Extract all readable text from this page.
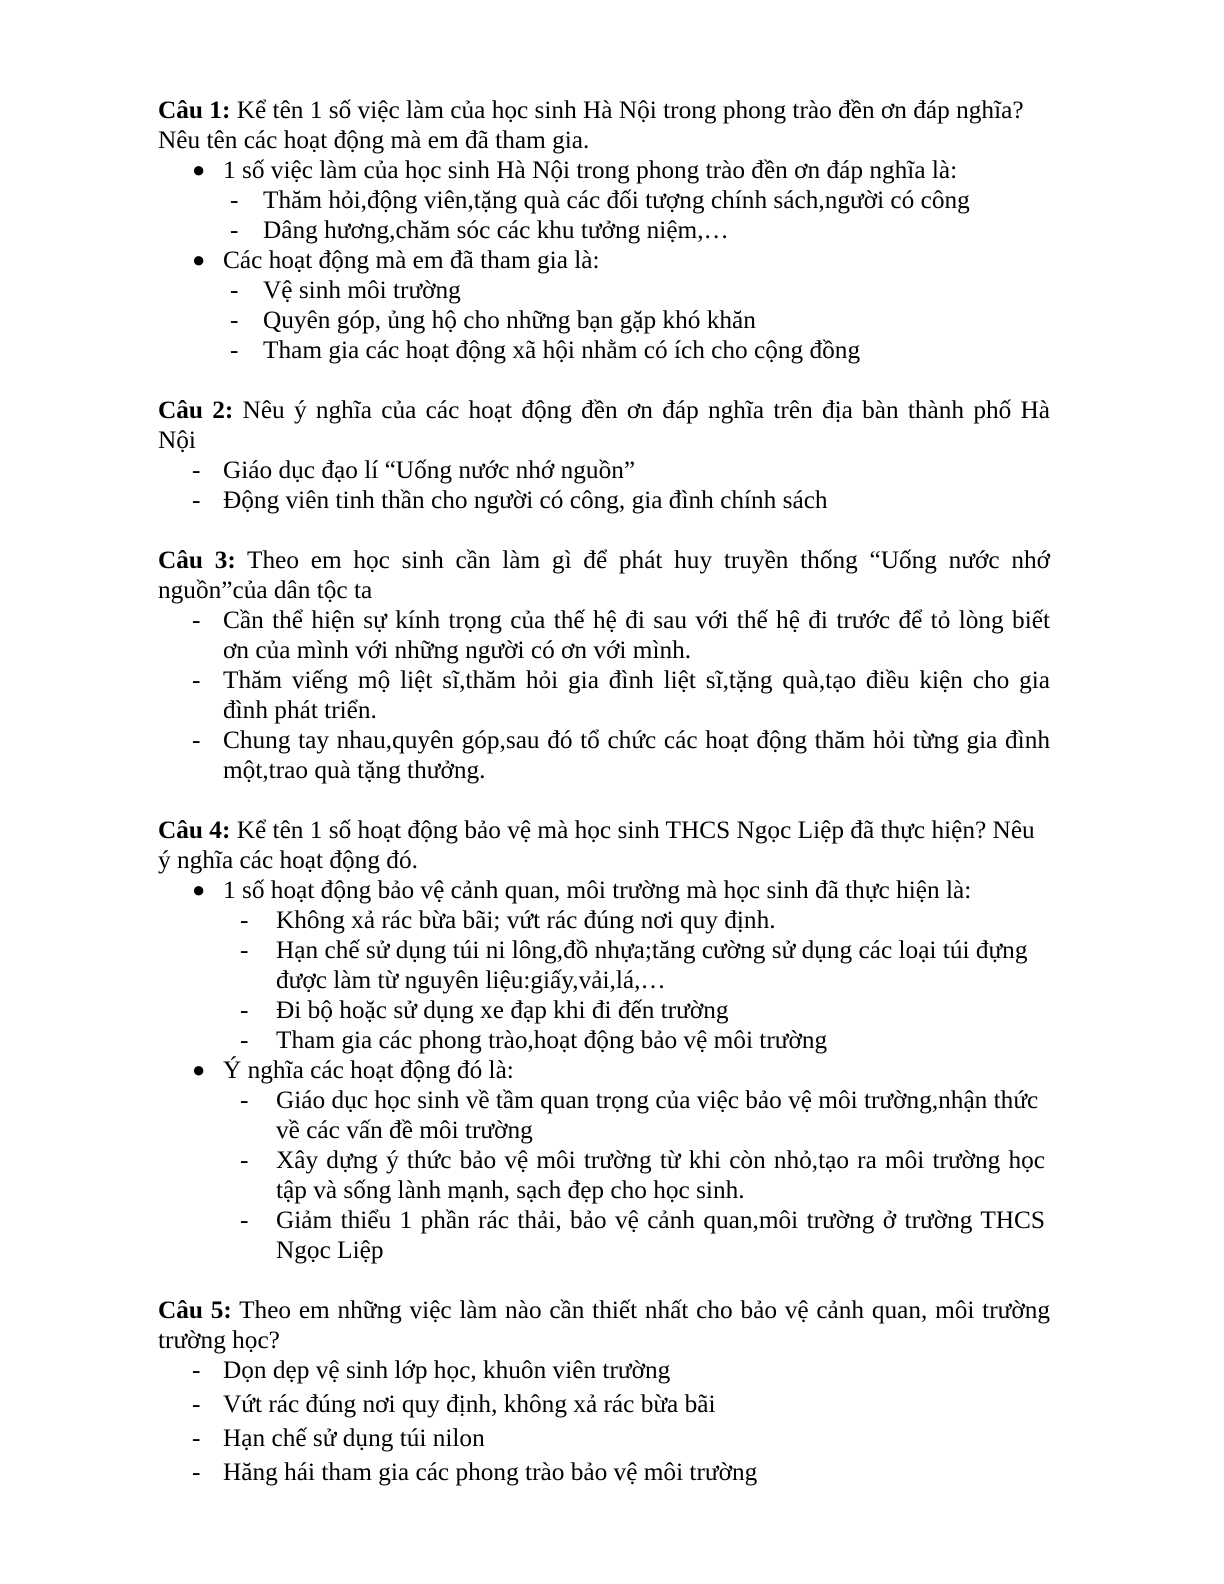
Câu 1: Kể tên 1 số việc làm của học sinh Hà Nội trong phong trào đền ơn đáp nghĩa?
Nêu tên các hoạt động mà em đã tham gia.
● 1 số việc làm của học sinh Hà Nội trong phong trào đền ơn đáp nghĩa là:
- Thăm hỏi,động viên,tặng quà các đối tượng chính sách,người có công
- Dâng hương,chăm sóc các khu tưởng niệm,…
● Các hoạt động mà em đã tham gia là:
- Vệ sinh môi trường
- Quyên góp, ủng hộ cho những bạn gặp khó khăn
- Tham gia các hoạt động xã hội nhằm có ích cho cộng đồng
Câu 2: Nêu ý nghĩa của các hoạt động đền ơn đáp nghĩa trên địa bàn thành phố Hà
Nội
- Giáo dục đạo lí “Uống nước nhớ nguồn”
- Động viên tinh thần cho người có công, gia đình chính sách
Câu 3: Theo em học sinh cần làm gì để phát huy truyền thống “Uống nước nhớ
nguồn”của dân tộc ta
- Cần thể hiện sự kính trọng của thế hệ đi sau với thế hệ đi trước để tỏ lòng biết
ơn của mình với những người có ơn với mình.
- Thăm viếng mộ liệt sĩ,thăm hỏi gia đình liệt sĩ,tặng quà,tạo điều kiện cho gia
đình phát triển.
- Chung tay nhau,quyên góp,sau đó tổ chức các hoạt động thăm hỏi từng gia đình
một,trao quà tặng thưởng.
Câu 4: Kể tên 1 số hoạt động bảo vệ mà học sinh THCS Ngọc Liệp đã thực hiện? Nêu
ý nghĩa các hoạt động đó.
● 1 số hoạt động bảo vệ cảnh quan, môi trường mà học sinh đã thực hiện là:
- Không xả rác bừa bãi; vứt rác đúng nơi quy định.
- Hạn chế sử dụng túi ni lông,đồ nhựa;tăng cường sử dụng các loại túi đựng
được làm từ nguyên liệu:giấy,vải,lá,…
- Đi bộ hoặc sử dụng xe đạp khi đi đến trường
- Tham gia các phong trào,hoạt động bảo vệ môi trường
● Ý nghĩa các hoạt động đó là:
- Giáo dục học sinh về tầm quan trọng của việc bảo vệ môi trường,nhận thức
về các vấn đề môi trường
- Xây dựng ý thức bảo vệ môi trường từ khi còn nhỏ,tạo ra môi trường học
tập và sống lành mạnh, sạch đẹp cho học sinh.
- Giảm thiểu 1 phần rác thải, bảo vệ cảnh quan,môi trường ở trường THCS
Ngọc Liệp
Câu 5: Theo em những việc làm nào cần thiết nhất cho bảo vệ cảnh quan, môi trường
trường học?
- Dọn dẹp vệ sinh lớp học, khuôn viên trường
- Vứt rác đúng nơi quy định, không xả rác bừa bãi
- Hạn chế sử dụng túi nilon
- Hăng hái tham gia các phong trào bảo vệ môi trường
